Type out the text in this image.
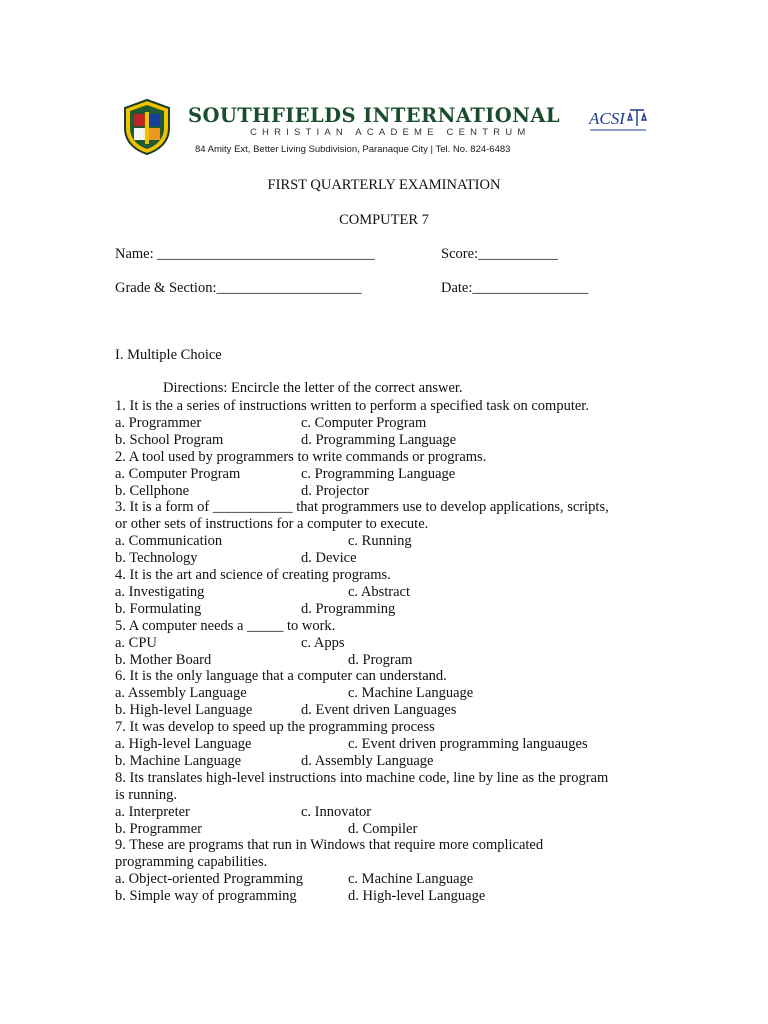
SOUTHFIELDS INTERNATIONAL
CHRISTIAN ACADEME CENTRUM
84 Amity Ext, Better Living Subdivision, Paranaque City | Tel. No. 824-6483
ACSI
FIRST QUARTERLY EXAMINATION
COMPUTER 7
Name: ______________________________	Score:___________
Grade & Section:____________________	Date:________________
I. Multiple Choice
Directions: Encircle the letter of the correct answer.
1. It is the a series of instructions written to perform a specified task on computer.
a. Programmer	c. Computer Program
b. School Program	d. Programming Language
2. A tool used by programmers to write commands or programs.
a. Computer Program	c. Programming Language
b. Cellphone	d. Projector
3. It is a form of ___________ that programmers use to develop applications, scripts,
or other sets of instructions for a computer to execute.
a. Communication	c. Running
b. Technology	d. Device
4. It is the art and science of creating programs.
a. Investigating	c. Abstract
b. Formulating	d. Programming
5. A computer needs a _____ to work.
a. CPU	c. Apps
b. Mother Board	d. Program
6. It is the only language that a computer can understand.
a. Assembly Language	c. Machine Language
b. High-level Language	d. Event driven Languages
7. It was develop to speed up the programming process
a. High-level Language	c. Event driven programming languauges
b. Machine Language	d. Assembly Language
8. Its translates high-level instructions into machine code, line by line as the program
is running.
a. Interpreter	c. Innovator
b. Programmer	d. Compiler
9. These are programs that run in Windows that require more complicated
programming capabilities.
a. Object-oriented Programming	c. Machine Language
b. Simple way of programming	d. High-level Language
